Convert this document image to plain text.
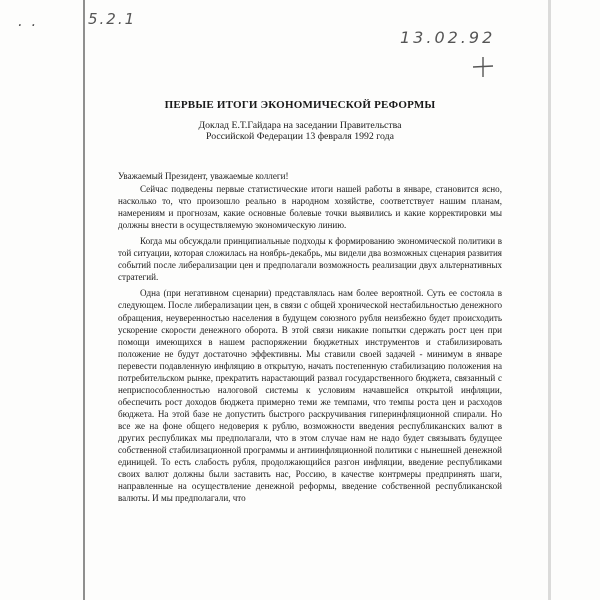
. .	5.2.1
13.02.92
ПЕРВЫЕ ИТОГИ ЭКОНОМИЧЕСКОЙ РЕФОРМЫ
Доклад Е.Т.Гайдара на заседании Правительства
Российской Федерации 13 февраля 1992 года

Уважаемый Президент, уважаемые коллеги!

Сейчас подведены первые статистические итоги нашей работы в январе, становится ясно, насколько то, что произошло реально в народном хозяйстве, соответствует нашим планам, намерениям и прогнозам, какие основные болевые точки выявились и какие корректировки мы должны внести в осуществляемую экономическую линию.

Когда мы обсуждали принципиальные подходы к формированию экономической политики в той ситуации, которая сложилась на ноябрь-декабрь, мы видели два возможных сценария развития событий после либерализации цен и предполагали возможность реализации двух альтернативных стратегий.

Одна (при негативном сценарии) представлялась нам более вероятной. Суть ее состояла в следующем. После либерализации цен, в связи с общей хронической нестабильностью денежного обращения, неуверенностью населения в будущем союзного рубля неизбежно будет происходить ускорение скорости денежного оборота. В этой связи никакие попытки сдержать рост цен при помощи имеющихся в нашем распоряжении бюджетных инструментов и стабилизировать положение не будут достаточно эффективны. Мы ставили своей задачей - минимум в январе перевести подавленную инфляцию в открытую, начать постепенную стабилизацию положения на потребительском рынке, прекратить нарастающий развал государственного бюджета, связанный с неприспособленностью налоговой системы к условиям начавшейся открытой инфляции, обеспечить рост доходов бюджета примерно теми же темпами, что темпы роста цен и расходов бюджета. На этой базе не допустить быстрого раскручивания гиперинфляционной спирали. Но все же на фоне общего недоверия к рублю, возможности введения республиканских валют в других республиках мы предполагали, что в этом случае нам не надо будет связывать будущее собственной стабилизационной программы и антиинфляционной политики с нынешней денежной единицей. То есть слабость рубля, продолжающийся разгон инфляции, введение республиками своих валют должны были заставить нас, Россию, в качестве контрмеры предпринять шаги, направленные на осуществление денежной реформы, введение собственной республиканской валюты. И мы предполагали, что
